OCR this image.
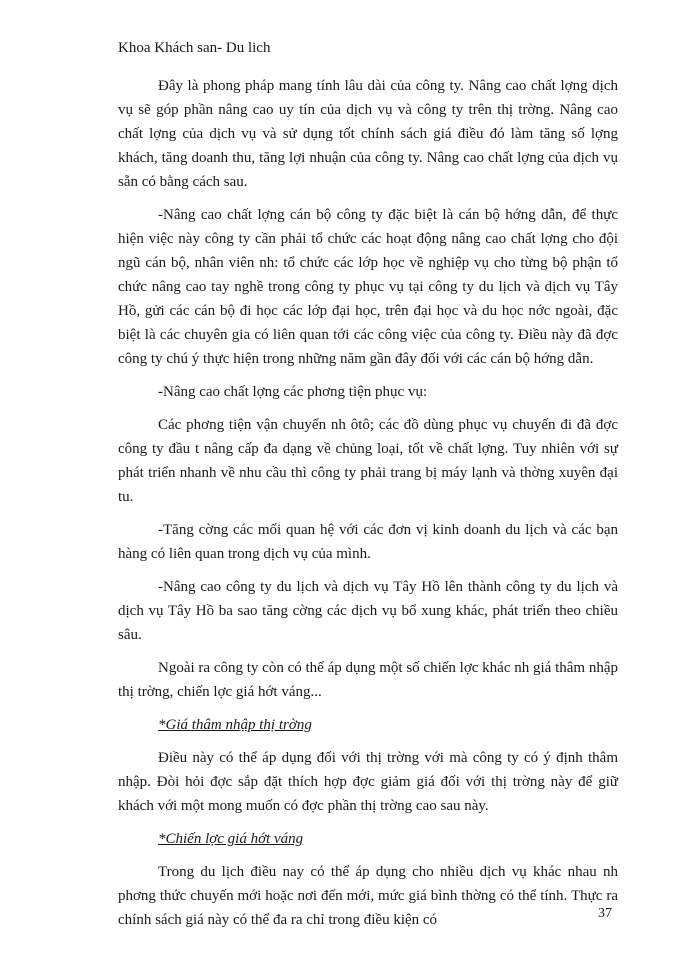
Khoa Khách san- Du lich

Đây là phong pháp mang tính lâu dài của công ty. Nâng cao chất lợng dịch vụ sẽ góp phần nâng cao uy tín của dịch vụ và công ty trên thị trờng. Nâng cao chất lợng của dịch vụ và sử dụng tốt chính sách giá điều đó làm tăng số lợng khách, tăng doanh thu, tăng lợi nhuận của công ty. Nâng cao chất lợng của dịch vụ sẵn có bằng cách sau.

-Nâng cao chất lợng cán bộ công ty đặc biệt là cán bộ hớng dẫn, để thực hiện việc này công ty cần phải tổ chức các hoạt động nâng cao chất lợng cho đội ngũ cán bộ, nhân viên nh: tổ chức các lớp học về nghiệp vụ cho từng bộ phận tổ chức nâng cao tay nghề trong công ty phục vụ tại công ty du lịch và dịch vụ Tây Hồ, gửi các cán bộ đi học các lớp đại học, trên đại học và du học nớc ngoài, đặc biệt là các chuyên gia có liên quan tới các công việc của công ty. Điều này đã đợc công ty chú ý thực hiện trong những năm gần đây đối với các cán bộ hớng dẫn.

-Nâng cao chất lợng các phơng tiện phục vụ:

Các phơng tiện vận chuyển nh ôtô; các đồ dùng phục vụ chuyến đi đã đợc công ty đầu t nâng cấp đa dạng về chủng loại, tốt về chất lợng. Tuy nhiên với sự phát triển nhanh về nhu cầu thì công ty phải trang bị máy lạnh và thờng xuyên đại tu.

-Tăng cờng các mối quan hệ với các đơn vị kinh doanh du lịch và các bạn hàng có liên quan trong dịch vụ của mình.

-Nâng cao công ty du lịch và dịch vụ Tây Hồ lên thành công ty du lịch và dịch vụ Tây Hồ ba sao tăng cờng các dịch vụ bổ xung khác, phát triển theo chiều sâu.

Ngoài ra công ty còn có thể áp dụng một số chiến lợc khác nh giá thâm nhập thị trờng, chiến lợc giá hớt váng...

*Giá thâm nhập thị trờng

Điều này có thể áp dụng đối với thị trờng với mà công ty có ý định thâm nhập. Đòi hỏi đợc sắp đặt thích hợp đợc giảm giá đối với thị trờng này để giữ khách với một mong muốn có đợc phần thị trờng cao sau này.

*Chiến lợc giá hớt váng

Trong du lịch điều nay có thể áp dụng cho nhiều dịch vụ khác nhau nh phơng thức chuyến mới hoặc nơi đến mới, mức giá bình thờng có thể tính. Thực ra chính sách giá này có thể đa ra chỉ trong điều kiện có	37
